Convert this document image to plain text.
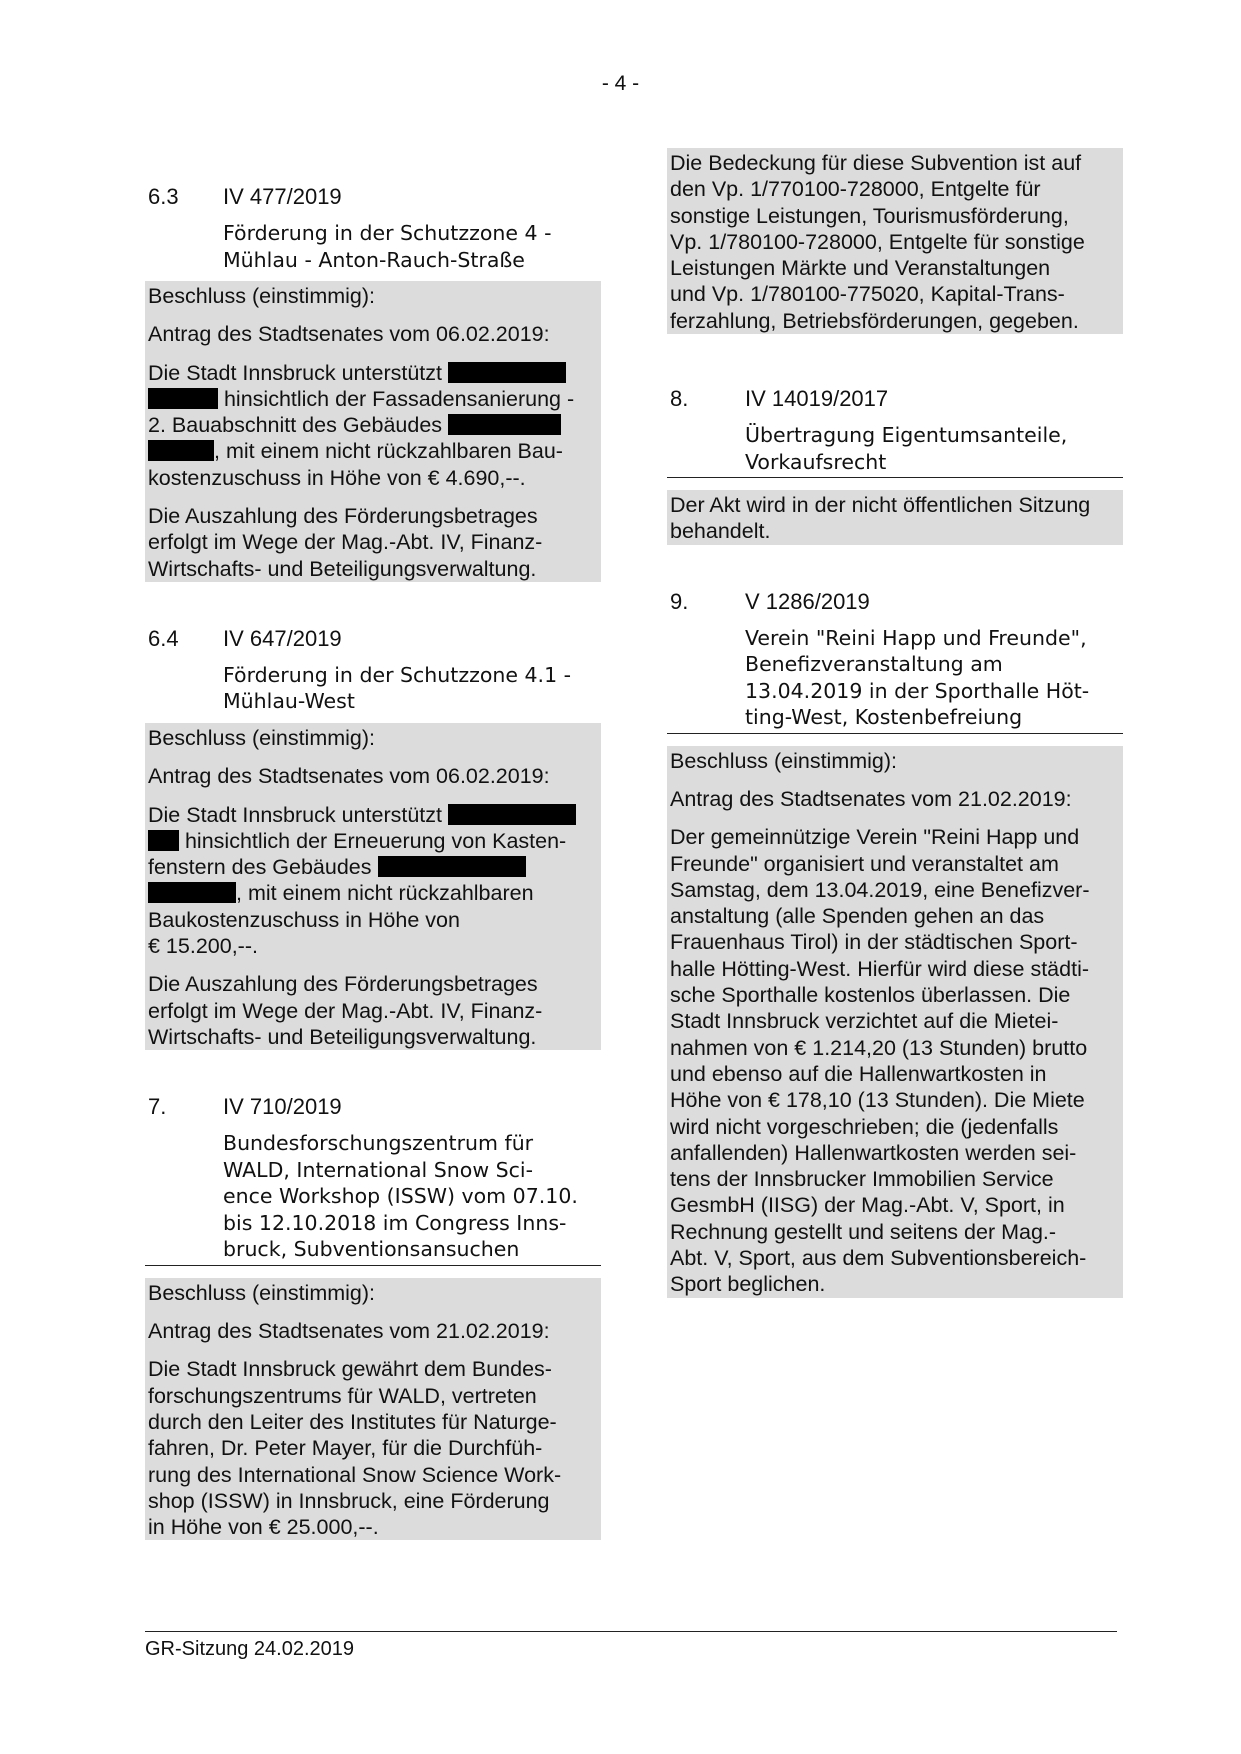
- 4 -
6.3	IV 477/2019
Förderung in der Schutzzone 4 -
Mühlau - Anton-Rauch-Straße

Beschluss (einstimmig):

Antrag des Stadtsenates vom 06.02.2019:

Die Stadt Innsbruck unterstützt
hinsichtlich der Fassadensanierung -
2. Bauabschnitt des Gebäudes
, mit einem nicht rückzahlbaren Bau-
kostenzuschuss in Höhe von € 4.690,--.

Die Auszahlung des Förderungsbetrages
erfolgt im Wege der Mag.-Abt. IV, Finanz-
Wirtschafts- und Beteiligungsverwaltung.

6.4	IV 647/2019
Förderung in der Schutzzone 4.1 -
Mühlau-West

Beschluss (einstimmig):

Antrag des Stadtsenates vom 06.02.2019:

Die Stadt Innsbruck unterstützt
hinsichtlich der Erneuerung von Kasten-
fenstern des Gebäudes
, mit einem nicht rückzahlbaren
Baukostenzuschuss in Höhe von
€ 15.200,--.

Die Auszahlung des Förderungsbetrages
erfolgt im Wege der Mag.-Abt. IV, Finanz-
Wirtschafts- und Beteiligungsverwaltung.

7.	IV 710/2019
Bundesforschungszentrum für
WALD, International Snow Sci-
ence Workshop (ISSW) vom 07.10.
bis 12.10.2018 im Congress Inns-
bruck, Subventionsansuchen

Beschluss (einstimmig):

Antrag des Stadtsenates vom 21.02.2019:

Die Stadt Innsbruck gewährt dem Bundes-
forschungszentrums für WALD, vertreten
durch den Leiter des Institutes für Naturge-
fahren, Dr. Peter Mayer, für die Durchfüh-
rung des International Snow Science Work-
shop (ISSW) in Innsbruck, eine Förderung
in Höhe von € 25.000,--.

Die Bedeckung für diese Subvention ist auf
den Vp. 1/770100-728000, Entgelte für
sonstige Leistungen, Tourismusförderung,
Vp. 1/780100-728000, Entgelte für sonstige
Leistungen Märkte und Veranstaltungen
und Vp. 1/780100-775020, Kapital-Trans-
ferzahlung, Betriebsförderungen, gegeben.

8.	IV 14019/2017
Übertragung Eigentumsanteile,
Vorkaufsrecht

Der Akt wird in der nicht öffentlichen Sitzung
behandelt.

9.	V 1286/2019
Verein "Reini Happ und Freunde",
Benefizveranstaltung am
13.04.2019 in der Sporthalle Höt-
ting-West, Kostenbefreiung

Beschluss (einstimmig):

Antrag des Stadtsenates vom 21.02.2019:

Der gemeinnützige Verein "Reini Happ und
Freunde" organisiert und veranstaltet am
Samstag, dem 13.04.2019, eine Benefizver-
anstaltung (alle Spenden gehen an das
Frauenhaus Tirol) in der städtischen Sport-
halle Hötting-West. Hierfür wird diese städti-
sche Sporthalle kostenlos überlassen. Die
Stadt Innsbruck verzichtet auf die Mietei-
nahmen von € 1.214,20 (13 Stunden) brutto
und ebenso auf die Hallenwartkosten in
Höhe von € 178,10 (13 Stunden). Die Miete
wird nicht vorgeschrieben; die (jedenfalls
anfallenden) Hallenwartkosten werden sei-
tens der Innsbrucker Immobilien Service
GesmbH (IISG) der Mag.-Abt. V, Sport, in
Rechnung gestellt und seitens der Mag.-
Abt. V, Sport, aus dem Subventionsbereich-
Sport beglichen.

GR-Sitzung 24.02.2019
